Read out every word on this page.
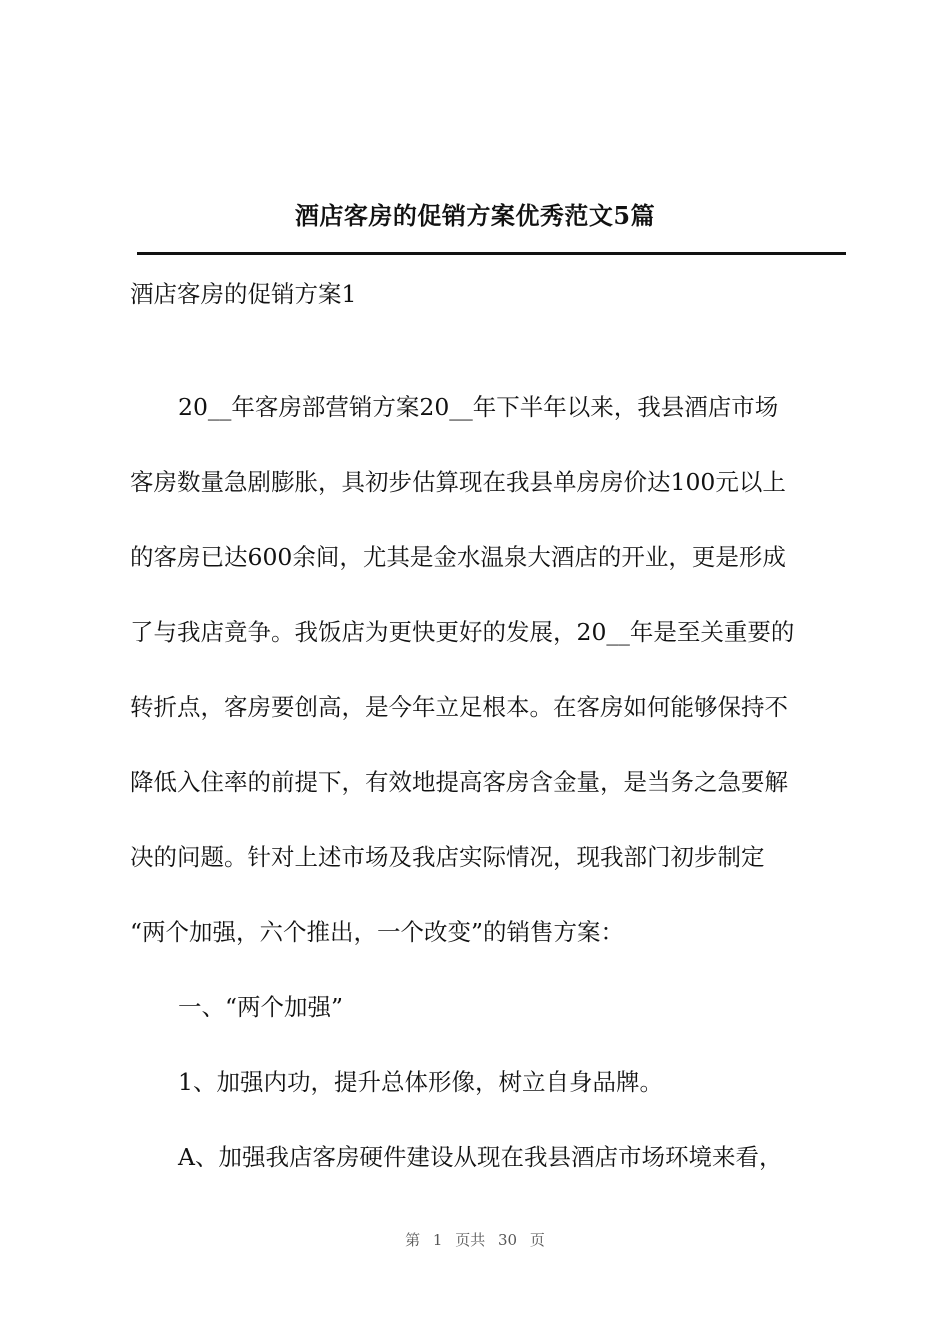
酒店客房的促销方案优秀范文5篇
酒店客房的促销方案1
20__年客房部营销方案20__年下半年以来，我县酒店市场
客房数量急剧膨胀，具初步估算现在我县单房房价达100元以上
的客房已达600余间，尤其是金水温泉大酒店的开业，更是形成
了与我店竟争。我饭店为更快更好的发展，20__年是至关重要的
转折点，客房要创高，是今年立足根本。在客房如何能够保持不
降低入住率的前提下，有效地提高客房含金量，是当务之急要解
决的问题。针对上述市场及我店实际情况，现我部门初步制定
“两个加强，六个推出，一个改变”的销售方案：
一、“两个加强”
1、加强内功，提升总体形像，树立自身品牌。
A、加强我店客房硬件建设从现在我县酒店市场环境来看，
第 1 页共 30 页
